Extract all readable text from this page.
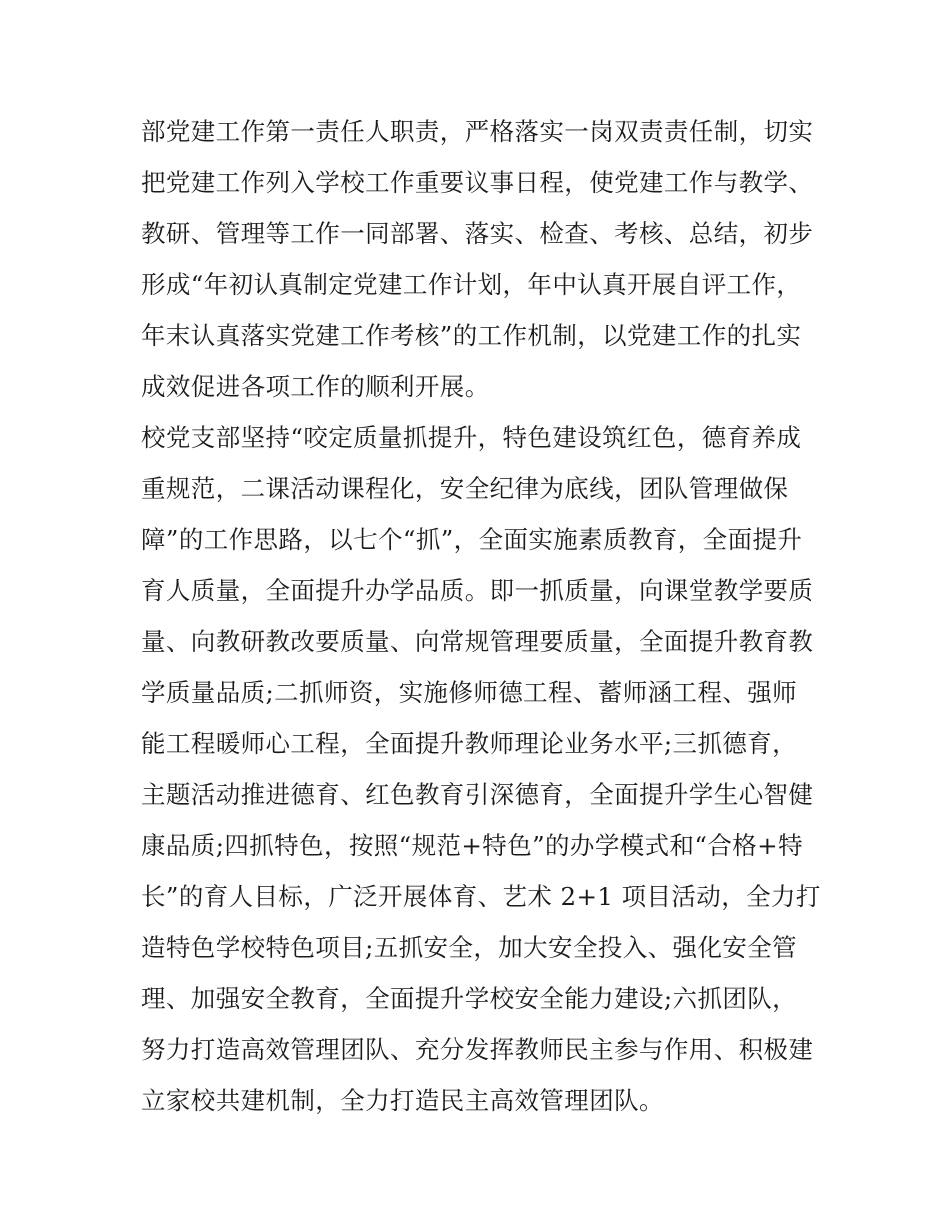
部党建工作第一责任人职责，严格落实一岗双责责任制，切实
把党建工作列入学校工作重要议事日程，使党建工作与教学、
教研、管理等工作一同部署、落实、检查、考核、总结，初步
形成“年初认真制定党建工作计划，年中认真开展自评工作，
年末认真落实党建工作考核”的工作机制，以党建工作的扎实
成效促进各项工作的顺利开展。
校党支部坚持“咬定质量抓提升，特色建设筑红色，德育养成
重规范，二课活动课程化，安全纪律为底线，团队管理做保
障”的工作思路，以七个“抓”，全面实施素质教育，全面提升
育人质量，全面提升办学品质。即一抓质量，向课堂教学要质
量、向教研教改要质量、向常规管理要质量，全面提升教育教
学质量品质;二抓师资，实施修师德工程、蓄师涵工程、强师
能工程暖师心工程，全面提升教师理论业务水平;三抓德育，
主题活动推进德育、红色教育引深德育，全面提升学生心智健
康品质;四抓特色，按照“规范+特色”的办学模式和“合格+特
长”的育人目标，广泛开展体育、艺术 2+1 项目活动，全力打
造特色学校特色项目;五抓安全，加大安全投入、强化安全管
理、加强安全教育，全面提升学校安全能力建设;六抓团队，
努力打造高效管理团队、充分发挥教师民主参与作用、积极建
立家校共建机制，全力打造民主高效管理团队。
